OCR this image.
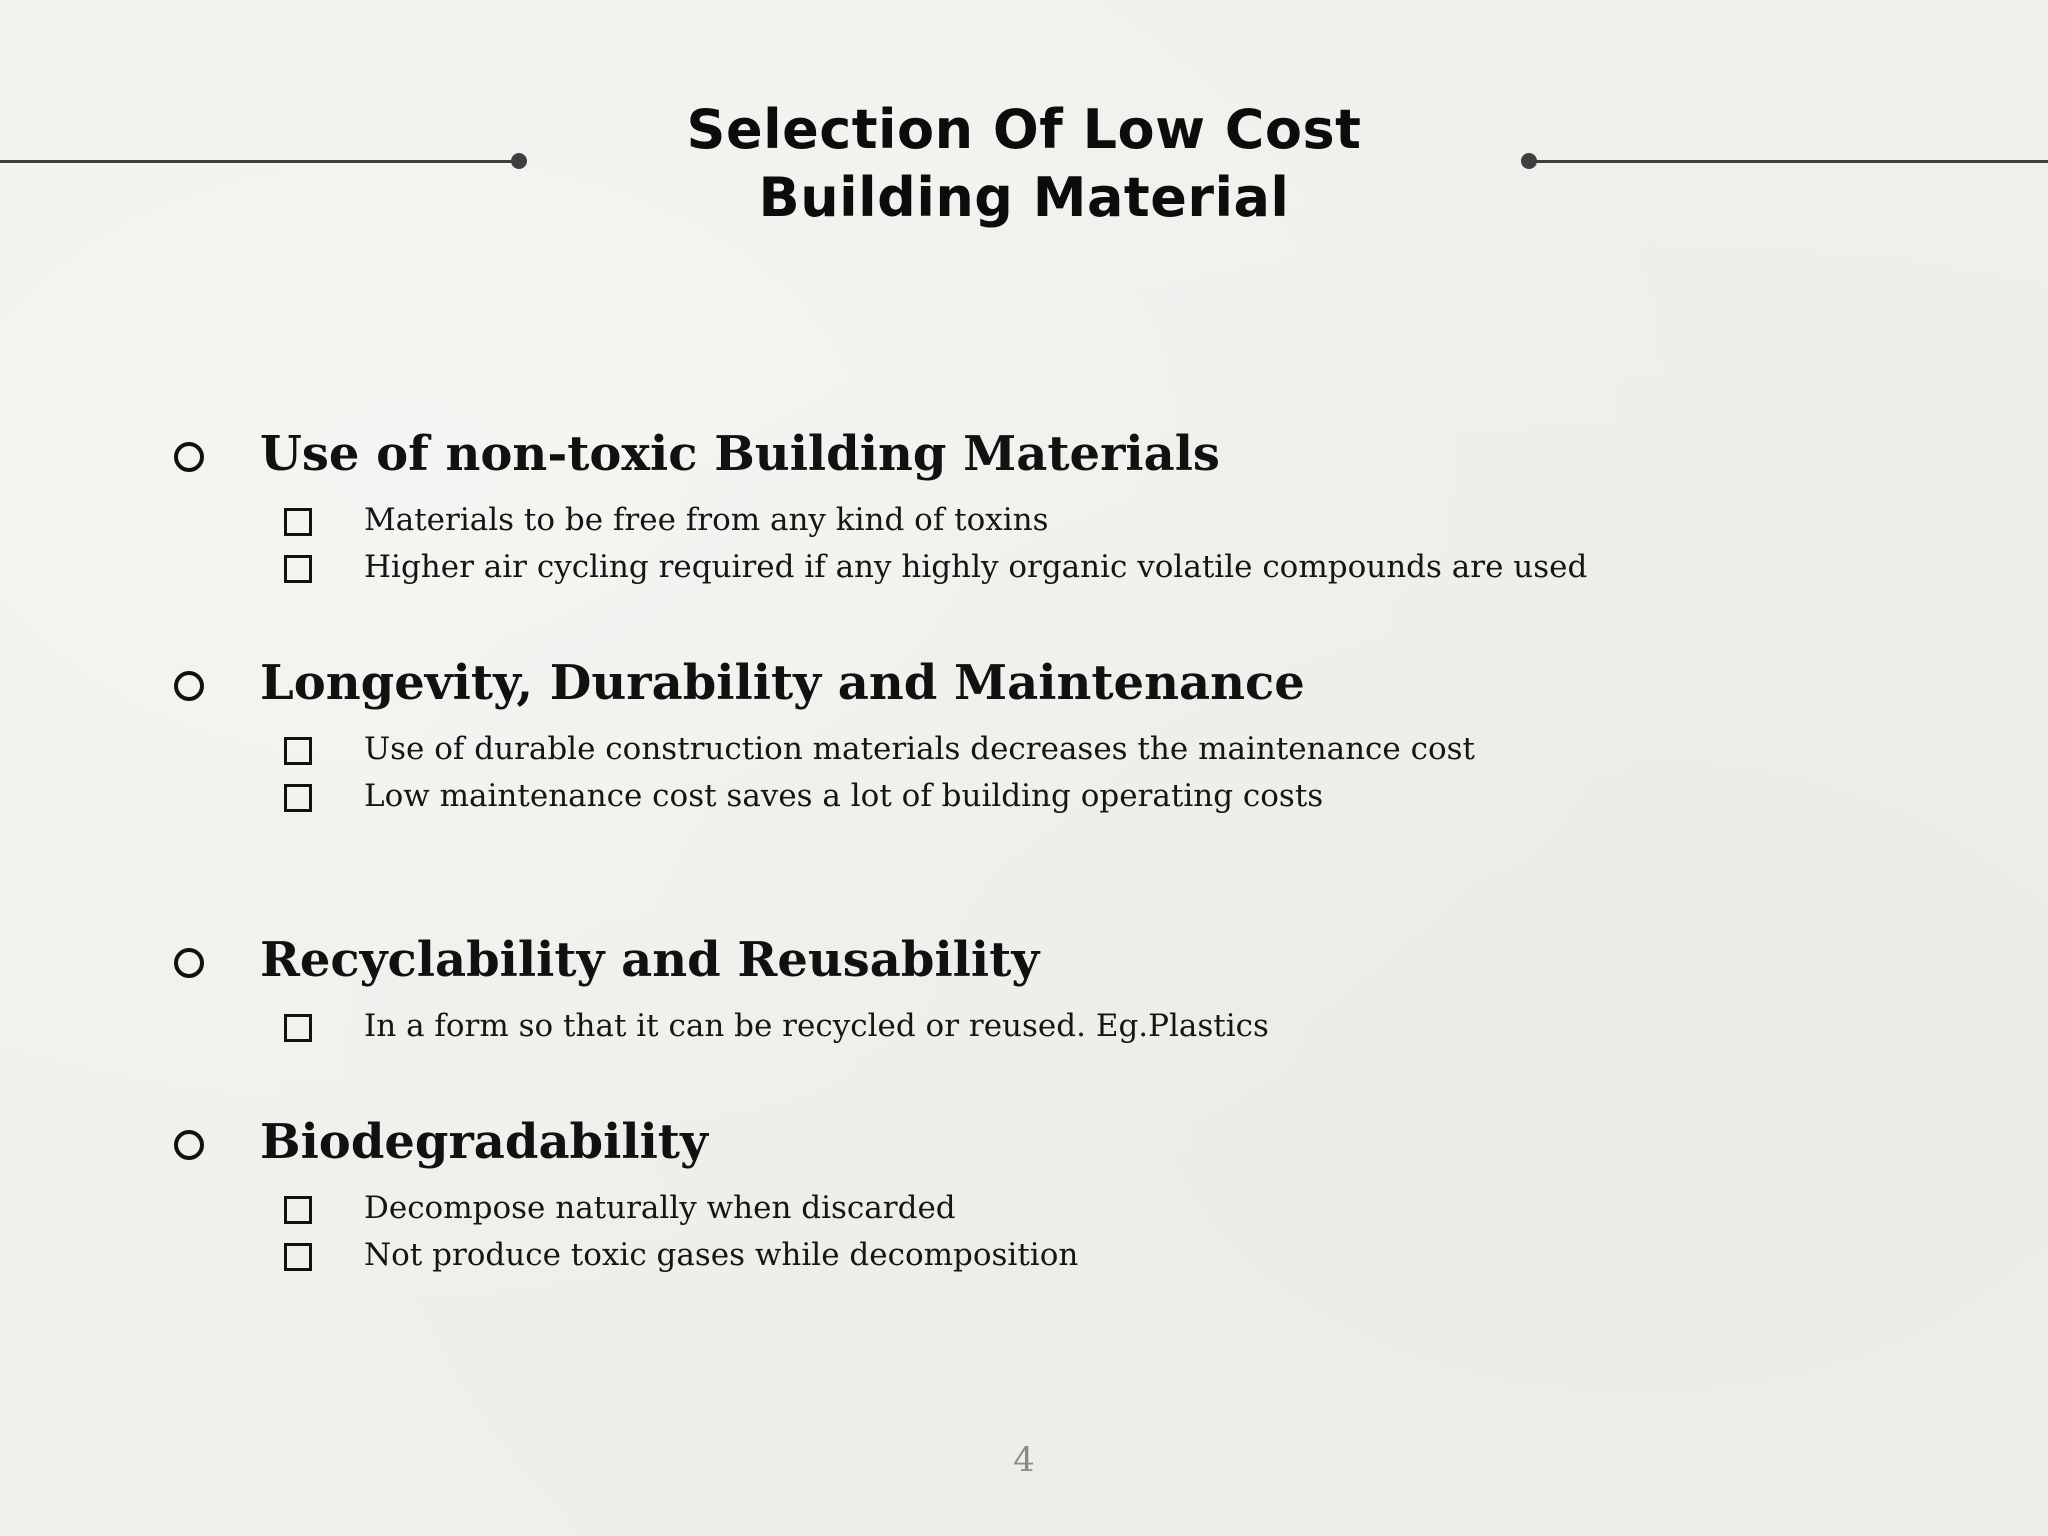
Selection Of Low Cost
Building Material
Use of non-toxic Building Materials
Materials to be free from any kind of toxins
Higher air cycling required if any highly organic volatile compounds are used
Longevity, Durability and Maintenance
Use of durable construction materials decreases the maintenance cost
Low maintenance cost saves a lot of building operating costs
Recyclability and Reusability
In a form so that it can be recycled or reused. Eg.Plastics
Biodegradability
Decompose naturally when discarded
Not produce toxic gases while decomposition
4
